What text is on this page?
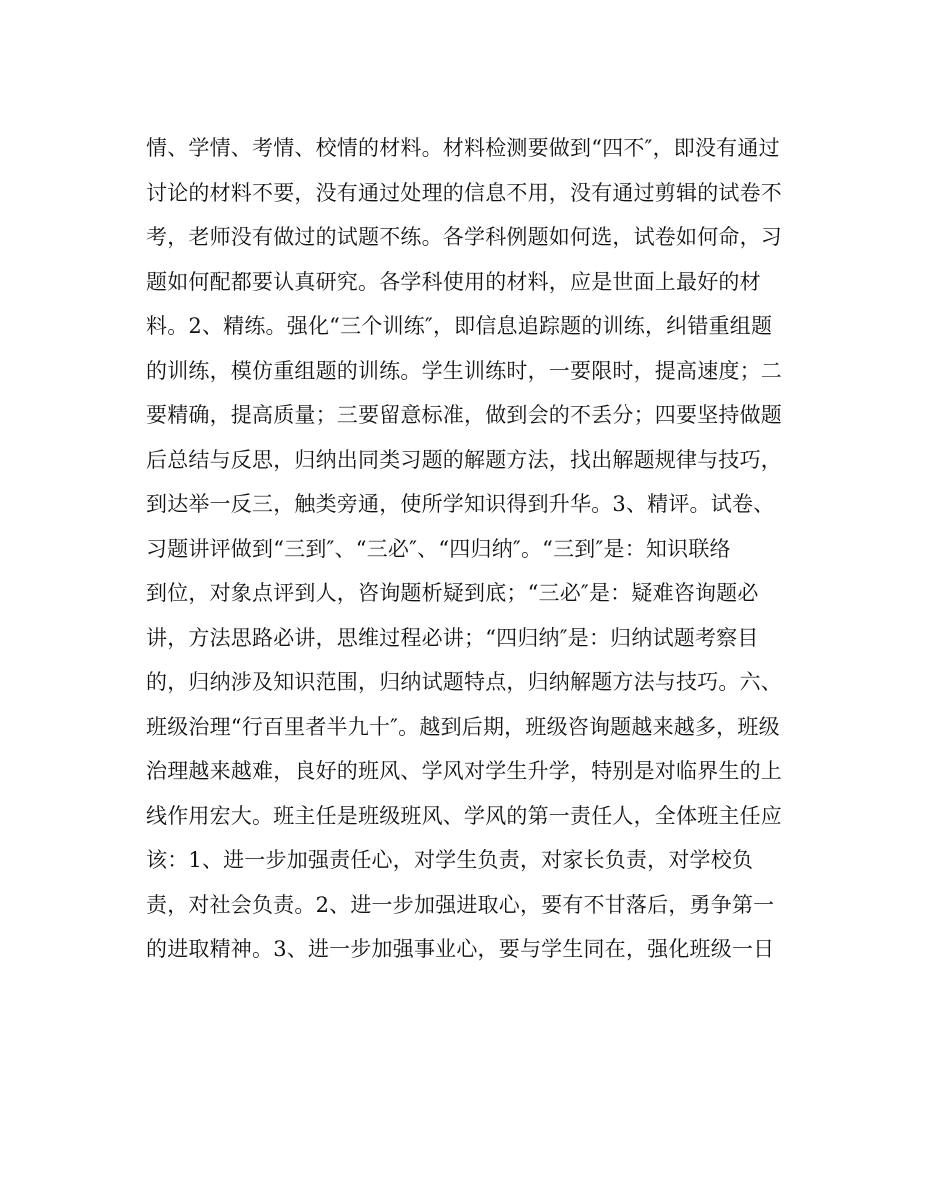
情、学情、考情、校情的材料。材料检测要做到“四不″，即没有通过
讨论的材料不要，没有通过处理的信息不用，没有通过剪辑的试卷不
考，老师没有做过的试题不练。各学科例题如何选，试卷如何命，习
题如何配都要认真研究。各学科使用的材料，应是世面上最好的材
料。2、精练。强化“三个训练″，即信息追踪题的训练，纠错重组题
的训练，模仿重组题的训练。学生训练时，一要限时，提高速度；二
要精确，提高质量；三要留意标准，做到会的不丢分；四要坚持做题
后总结与反思，归纳出同类习题的解题方法，找出解题规律与技巧，
到达举一反三，触类旁通，使所学知识得到升华。3、精评。试卷、
习题讲评做到“三到″、“三必″、“四归纳″。“三到″是：知识联络
到位，对象点评到人，咨询题析疑到底；“三必″是：疑难咨询题必
讲，方法思路必讲，思维过程必讲；“四归纳″是：归纳试题考察目
的，归纳涉及知识范围，归纳试题特点，归纳解题方法与技巧。六、
班级治理“行百里者半九十″。越到后期，班级咨询题越来越多，班级
治理越来越难，良好的班风、学风对学生升学，特别是对临界生的上
线作用宏大。班主任是班级班风、学风的第一责任人，全体班主任应
该：1、进一步加强责任心，对学生负责，对家长负责，对学校负
责，对社会负责。2、进一步加强进取心，要有不甘落后，勇争第一
的进取精神。3、进一步加强事业心，要与学生同在，强化班级一日
